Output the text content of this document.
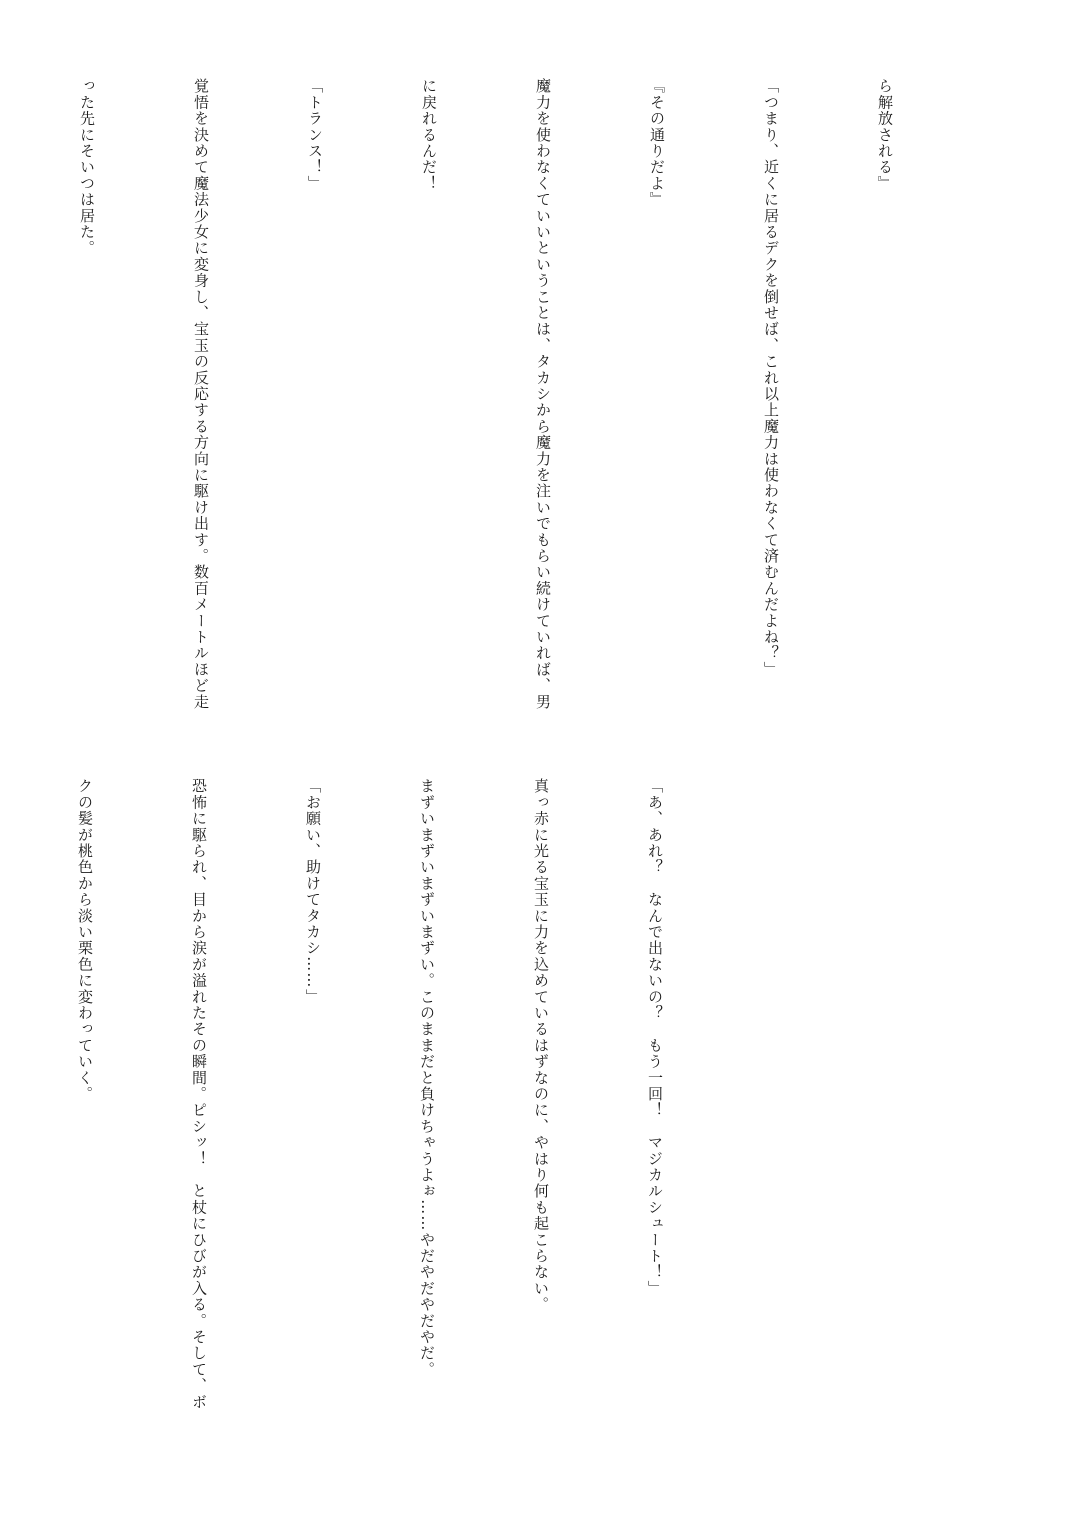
ら解放される』

「つまり、近くに居るデクを倒せば、これ以上魔力は使わなくて済むんだよね？」

『その通りだよ』

魔力を使わなくていいということは、タカシから魔力を注いでもらい続けていれば、男

に戻れるんだ！

「トランス！」

覚悟を決めて魔法少女に変身し、宝玉の反応する方向に駆け出す。数百メートルほど走

った先にそいつは居た。

「あ、あれ？　なんで出ないの？　もう一回！　マジカルシュート！」

真っ赤に光る宝玉に力を込めているはずなのに、やはり何も起こらない。

まずいまずいまずいまずい。このままだと負けちゃうよぉ……やだやだやだやだ。

「お願い、助けてタカシ……」

恐怖に駆られ、目から涙が溢れたその瞬間。ピシッ！　と杖にひびが入る。そして、ボ

クの髪が桃色から淡い栗色に変わっていく。
